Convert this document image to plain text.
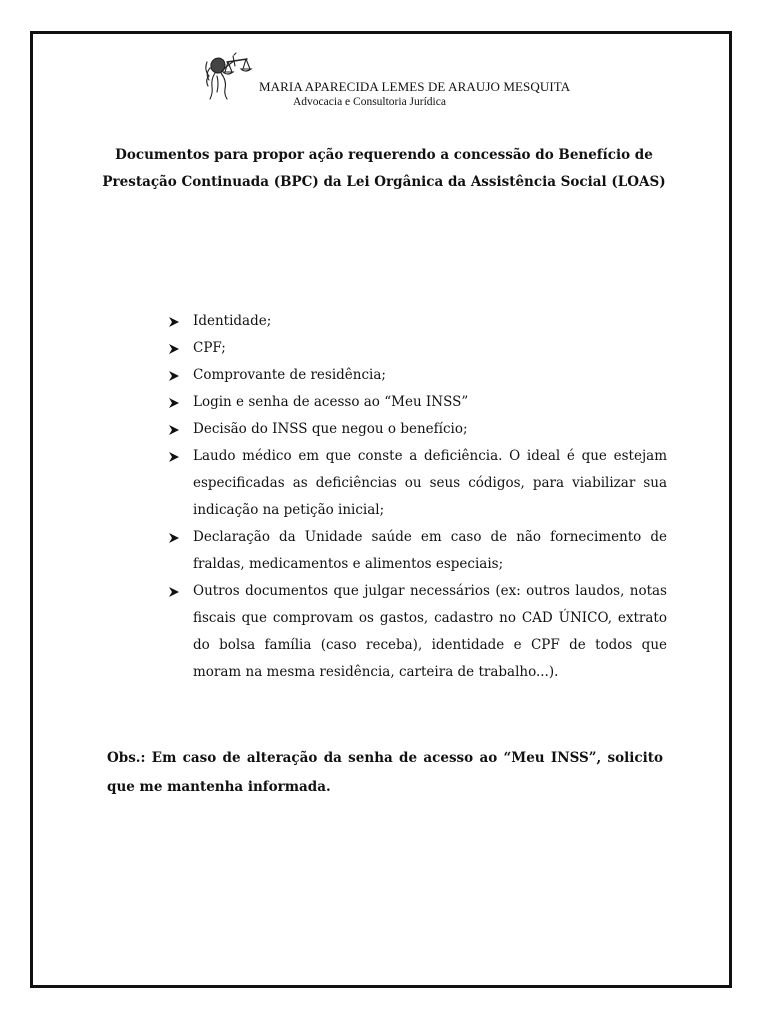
MARIA APARECIDA LEMES DE ARAUJO MESQUITA

Advocacia e Consultoria Jurídica

Documentos para propor ação requerendo a concessão do Benefício de Prestação Continuada (BPC) da Lei Orgânica da Assistência Social (LOAS)
Identidade;
CPF;
Comprovante de residência;
Login e senha de acesso ao “Meu INSS”
Decisão do INSS que negou o benefício;
Laudo médico em que conste a deficiência. O ideal é que estejam especificadas as deficiências ou seus códigos, para viabilizar sua indicação na petição inicial;
Declaração da Unidade saúde em caso de não fornecimento de fraldas, medicamentos e alimentos especiais;
Outros documentos que julgar necessários (ex: outros laudos, notas fiscais que comprovam os gastos, cadastro no CAD ÚNICO, extrato do bolsa família (caso receba), identidade e CPF de todos que moram na mesma residência, carteira de trabalho...).

Obs.: Em caso de alteração da senha de acesso ao “Meu INSS”, solicito que me mantenha informada.
